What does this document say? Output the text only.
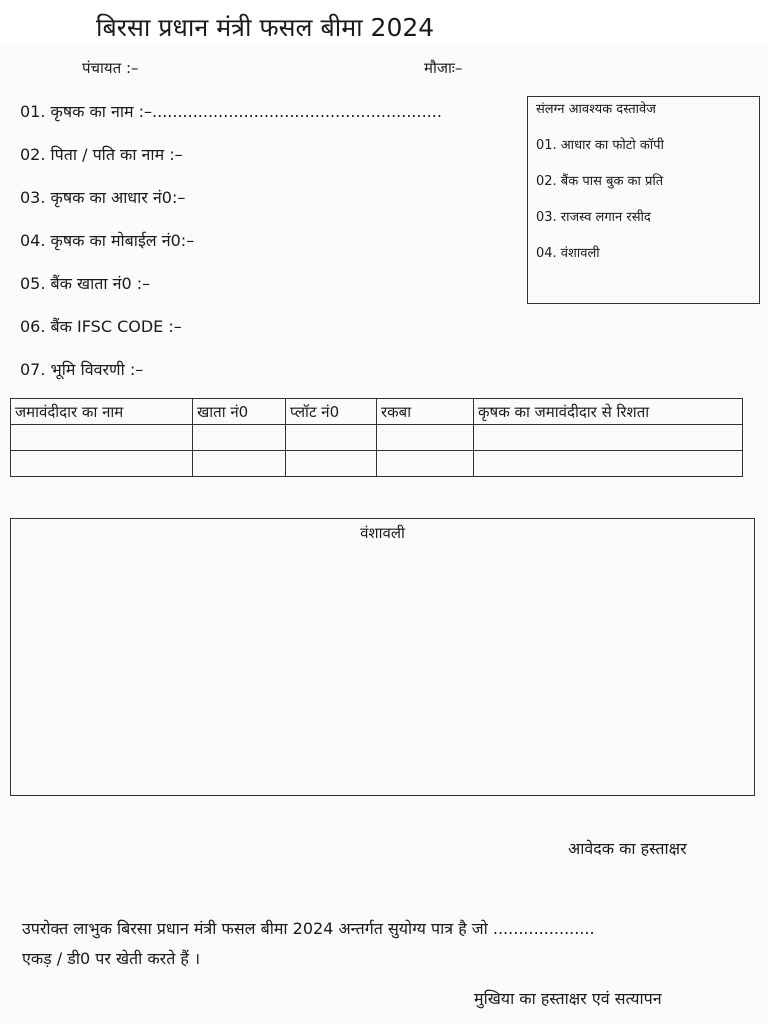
बिरसा प्रधान मंत्री फसल बीमा 2024
पंचायत :–	मौजाः–
01. कृषक का नाम :–.........................................................
02. पिता / पति का नाम :–
03. कृषक का आधार नं0:–
04. कृषक का मोबाईल नं0:–
05. बैंक खाता नं0 :–
06. बैंक IFSC CODE :–
07. भूमि विवरणी :–
संलग्न आवश्यक दस्तावेज
01. आधार का फोटो कॉपी
02. बैंक पास बुक का प्रति
03. राजस्व लगान रसीद
04. वंशावली
जमावंदीदार का नाम	खाता नं0	प्लॉट नं0	रकबा	कृषक का जमावंदीदार से रिशता

वंशावली
आवेदक का हस्ताक्षर
उपरोक्त लाभुक बिरसा प्रधान मंत्री फसल बीमा 2024 अन्तर्गत सुयोग्य पात्र है जो ....................
एकड़ / डी0 पर खेती करते हैं ।
मुखिया का हस्ताक्षर एवं सत्यापन
